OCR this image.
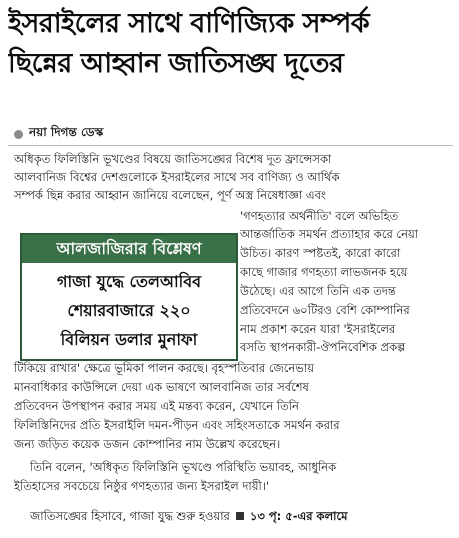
ইসরাইলের সাথে বাণিজ্যিক সম্পর্ক
ছিন্নের আহ্বান জাতিসঙ্ঘ দূতের
নয়া দিগন্ত ডেস্ক
অধিকৃত ফিলিস্তিনি ভূখণ্ডের বিষয়ে জাতিসঙ্ঘের বিশেষ দূত ফ্রান্সেসকা
আলবানিজ বিশ্বের দেশগুলোকে ইসরাইলের সাথে সব বাণিজ্য ও আর্থিক
সম্পর্ক ছিন্ন করার আহ্বান জানিয়ে বলেছেন, পূর্ণ অস্ত্র নিষেধাজ্ঞা এবং
'গণহত্যার অর্থনীতি' বলে অভিহিত
আন্তর্জাতিক সমর্থন প্রত্যাহার করে নেয়া
উচিত। কারণ স্পষ্টতই, কারো কারো
কাছে গাজার গণহত্যা লাভজনক হয়ে
উঠেছে। এর আগে তিনি এক তদন্ত
প্রতিবেদনে ৬০টিরও বেশি কোম্পানির
নাম প্রকাশ করেন যারা 'ইসরাইলের
বসতি স্থাপনকারী-ঔপনিবেশিক প্রকল্প
আলজাজিরার বিশ্লেষণ
গাজা যুদ্ধে তেলআবিব
শেয়ারবাজারে ২২০
বিলিয়ন ডলার মুনাফা
টিকিয়ে রাখার' ক্ষেত্রে ভূমিকা পালন করছে। বৃহস্পতিবার জেনেভায়
মানবাধিকার কাউন্সিলে দেয়া এক ভাষণে আলবানিজ তার সর্বশেষ
প্রতিবেদন উপস্থাপন করার সময় এই মন্তব্য করেন, যেখানে তিনি
ফিলিস্তিনিদের প্রতি ইসরাইলি দমন-পীড়ন এবং সহিংসতাকে সমর্থন করার
জন্য জড়িত কয়েক ডজন কোম্পানির নাম উল্লেখ করেছেন।
তিনি বলেন, 'অধিকৃত ফিলিস্তিনি ভূখণ্ডে পরিস্থিতি ভয়াবহ, আধুনিক
ইতিহাসের সবচেয়ে নিষ্ঠুর গণহত্যার জন্য ইসরাইল দায়ী।'
জাতিসঙ্ঘের হিসাবে, গাজা যুদ্ধ শুরু হওয়ার ১৩ পৃ: ৫-এর কলামে
